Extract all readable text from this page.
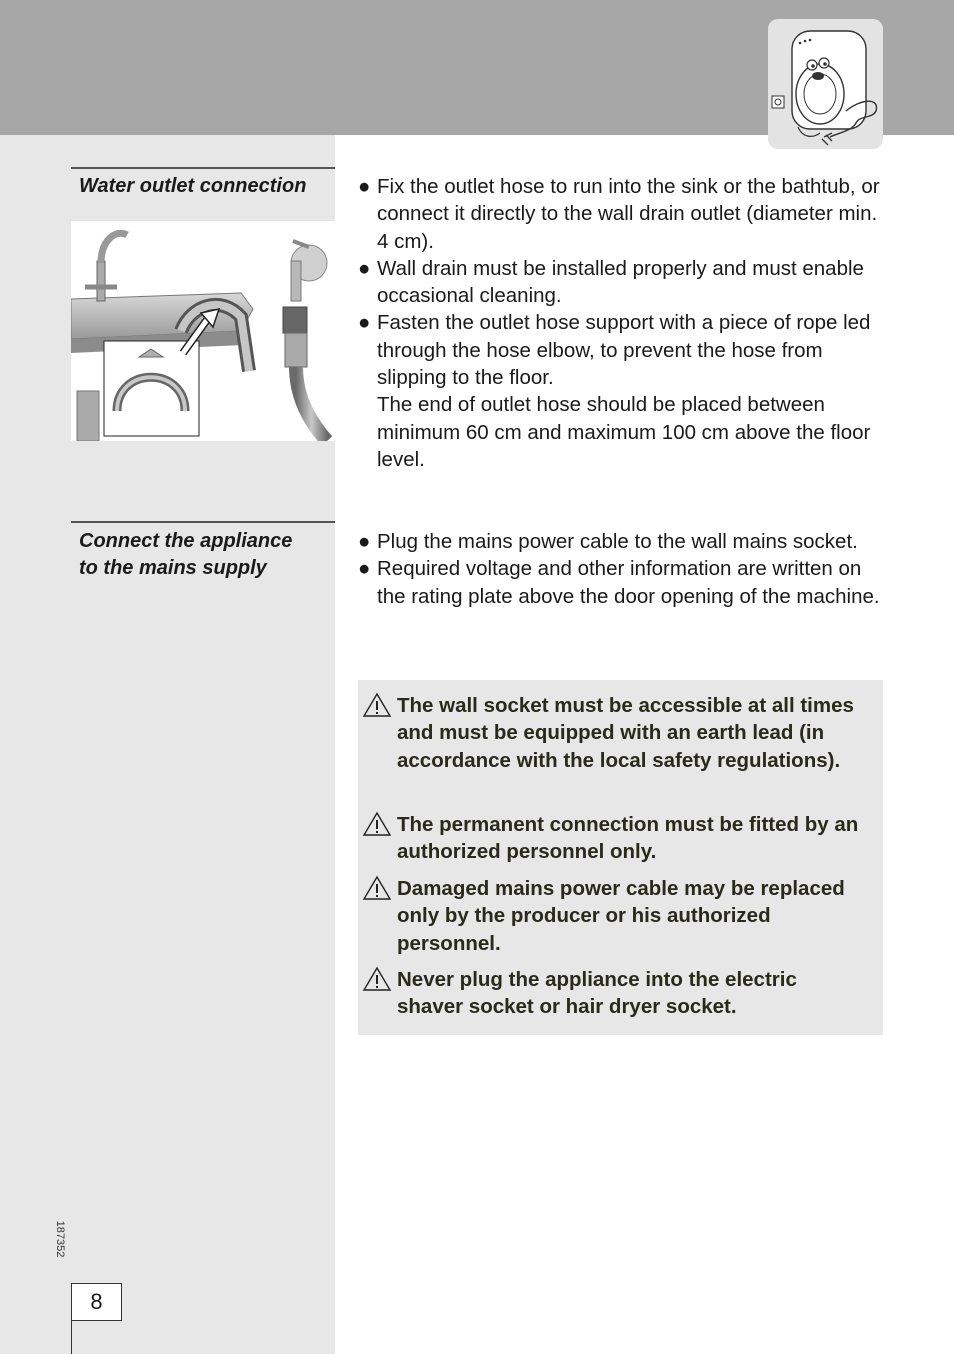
Water outlet connection	● Fix the outlet hose to run into the sink or the bathtub, or connect it directly to the wall drain outlet (diameter min. 4 cm).
● Wall drain must be installed properly and must enable occasional cleaning.
● Fasten the outlet hose support with a piece of rope led through the hose elbow, to prevent the hose from slipping to the floor.
The end of outlet hose should be placed between minimum 60 cm and maximum 100 cm above the floor level.
Connect the appliance
to the mains supply
● Plug the mains power cable to the wall mains socket.
● Required voltage and other information are written on the rating plate above the door opening of the machine.
The wall socket must be accessible at all times and must be equipped with an earth lead (in accordance with the local safety regulations).
The permanent connection must be fitted by an authorized personnel only.
Damaged mains power cable may be replaced only by the producer or his authorized personnel.
Never plug the appliance into the electric shaver socket or hair dryer socket.
187352
8
